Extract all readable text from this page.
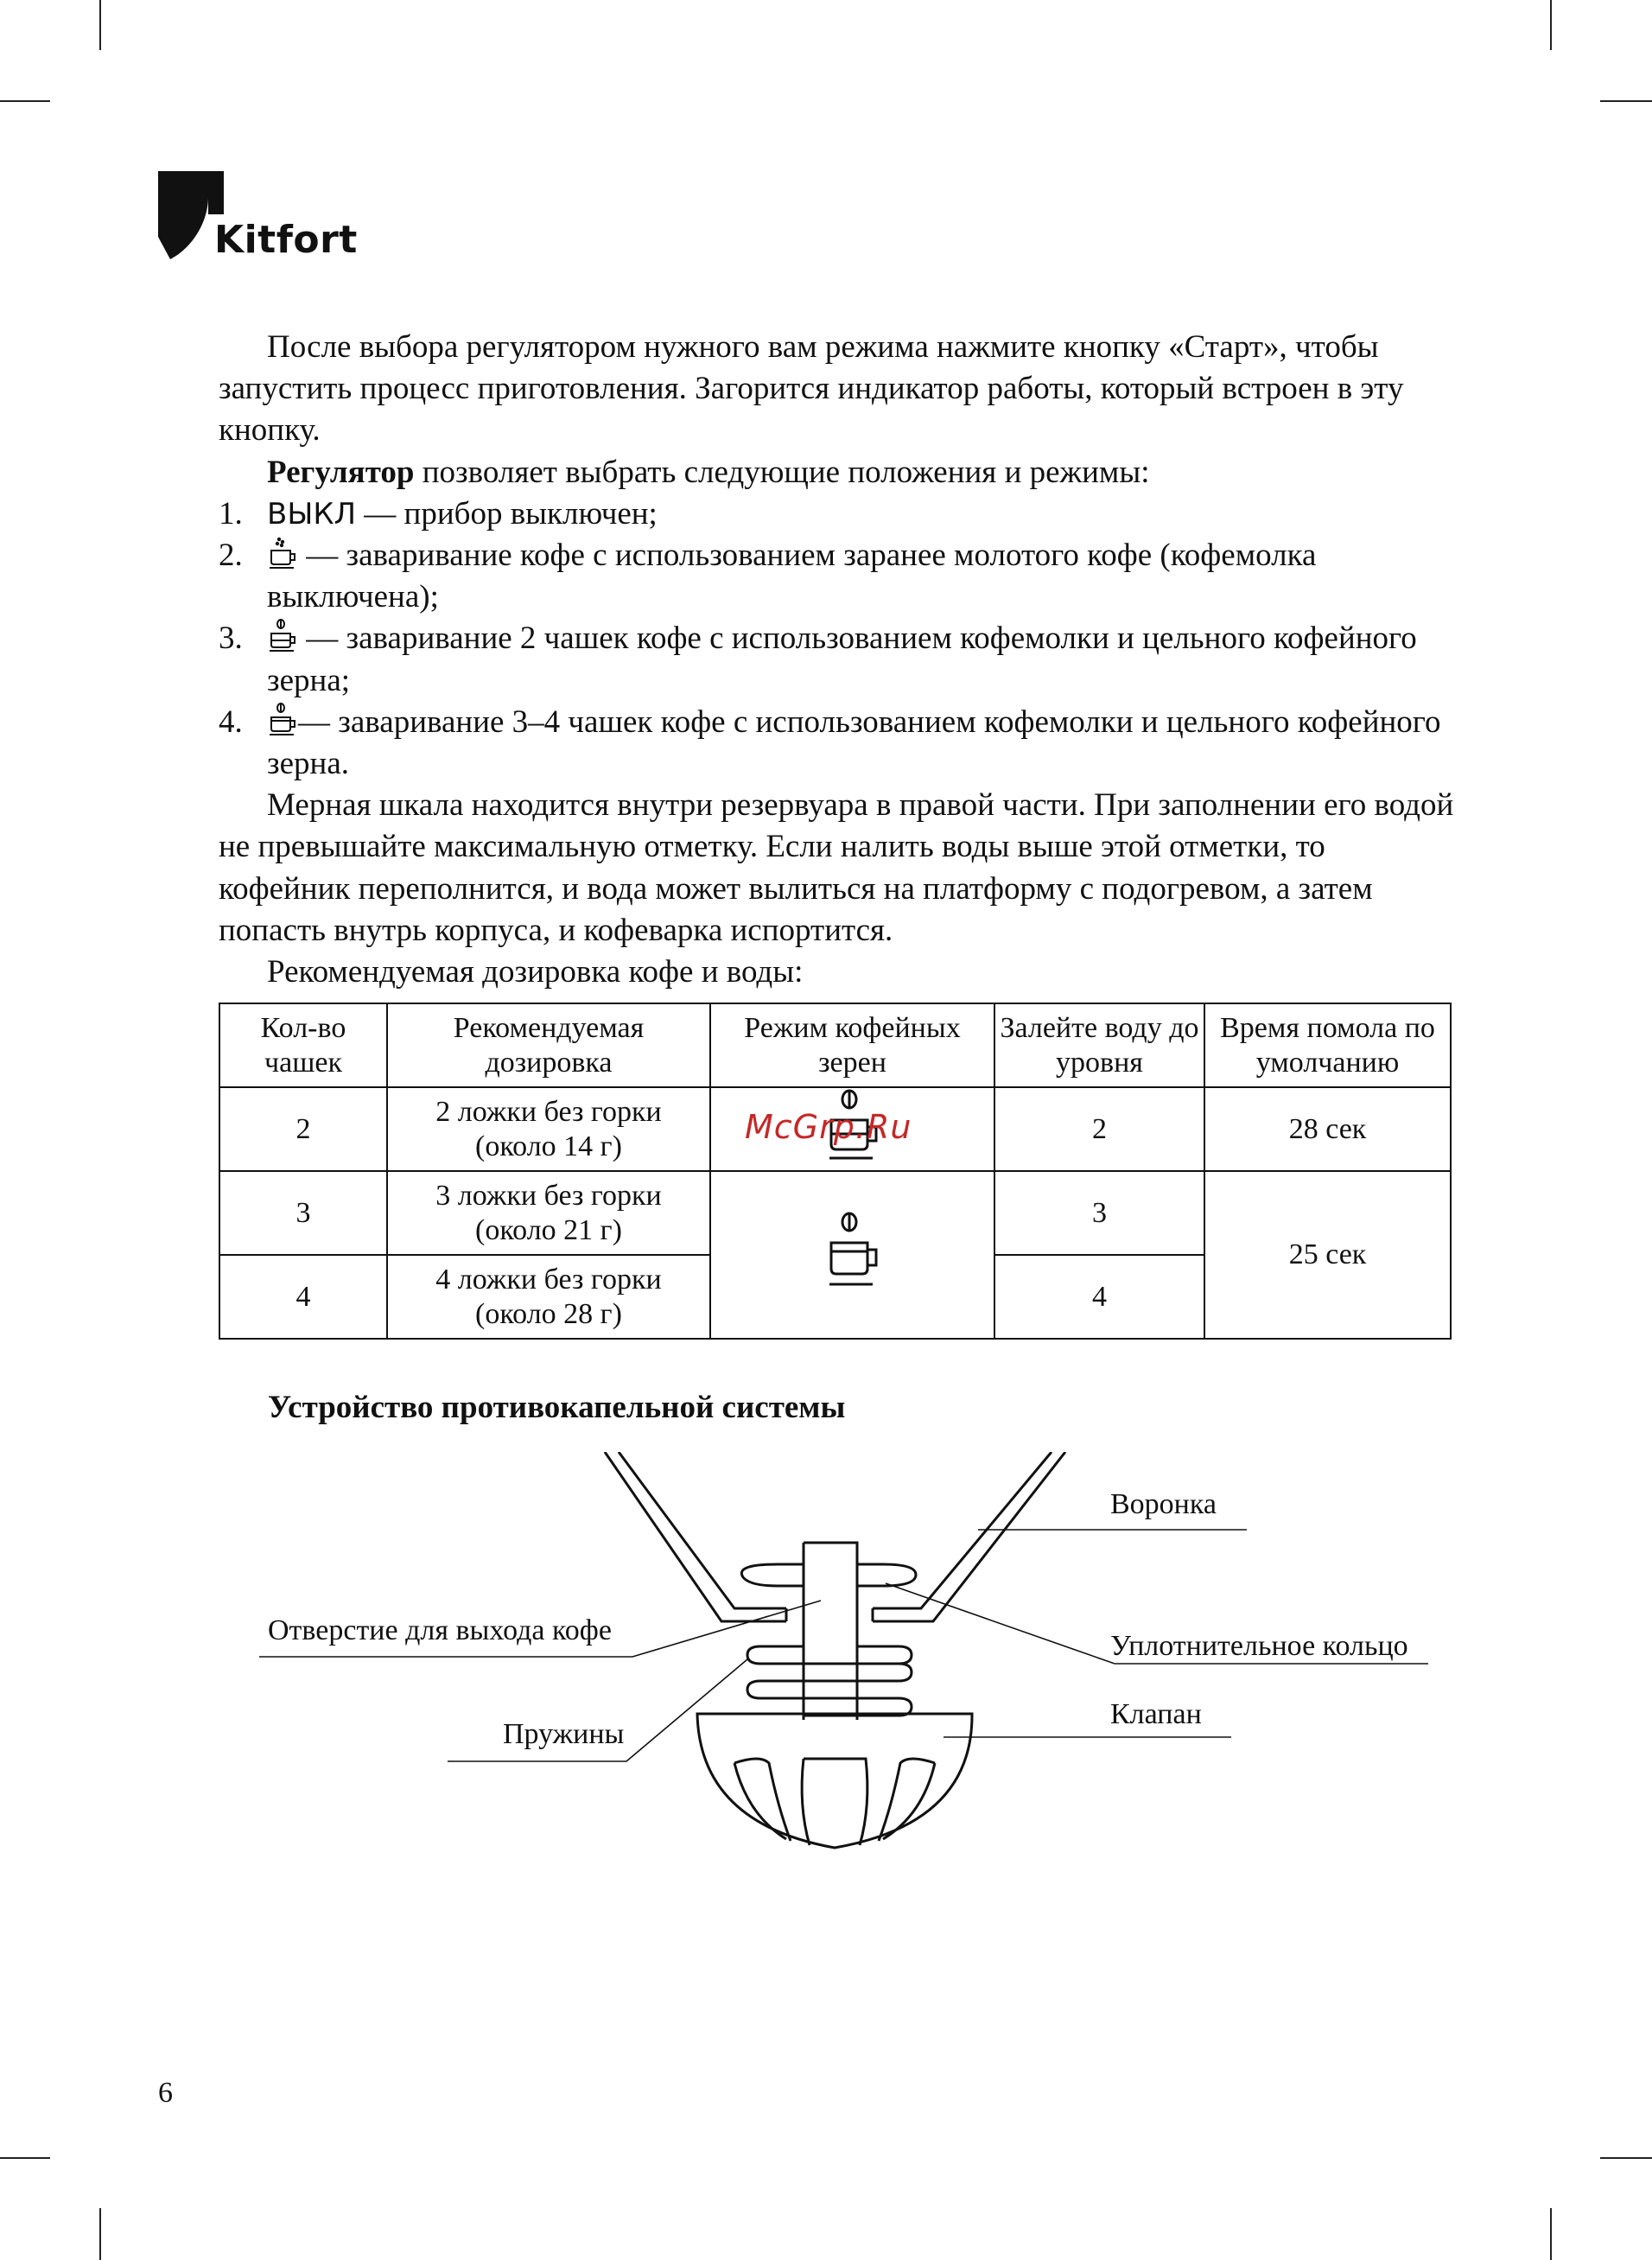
Kitfort

После выбора регулятором нужного вам режима нажмите кнопку «Старт», чтобы запустить процесс приготовления. Загорится индикатор работы, который встроен в эту кнопку.

Регулятор позволяет выбрать следующие положения и режимы:

1. ВЫКЛ — прибор выключен;

2. — заваривание кофе с использованием заранее молотого кофе (кофемолка выключена);

3. — заваривание 2 чашек кофе с использованием кофемолки и цельного кофейного зерна;

4. — заваривание 3–4 чашек кофе с использованием кофемолки и цельного кофейного зерна.

Мерная шкала находится внутри резервуара в правой части. При заполнении его водой не превышайте максимальную отметку. Если налить воды выше этой отметки, то кофейник переполнится, и вода может вылиться на платформу с подогревом, а затем попасть внутрь корпуса, и кофеварка испортится.

Рекомендуемая дозировка кофе и воды:

Кол-во чашек	Рекомендуемая дозировка	Режим кофейных зерен	Залейте воду до уровня	Время помола по умолчанию
2	2 ложки без горки
(около 14 г)		2	28 сек
3	3 ложки без горки
(около 21 г)		3	25 сек
4	4 ложки без горки
(около 28 г)		4	
McGrp.Ru
Устройство противокапельной системы
Воронка
Отверстие для выхода кофе	Уплотнительное кольцо
Пружины
Клапан
6
